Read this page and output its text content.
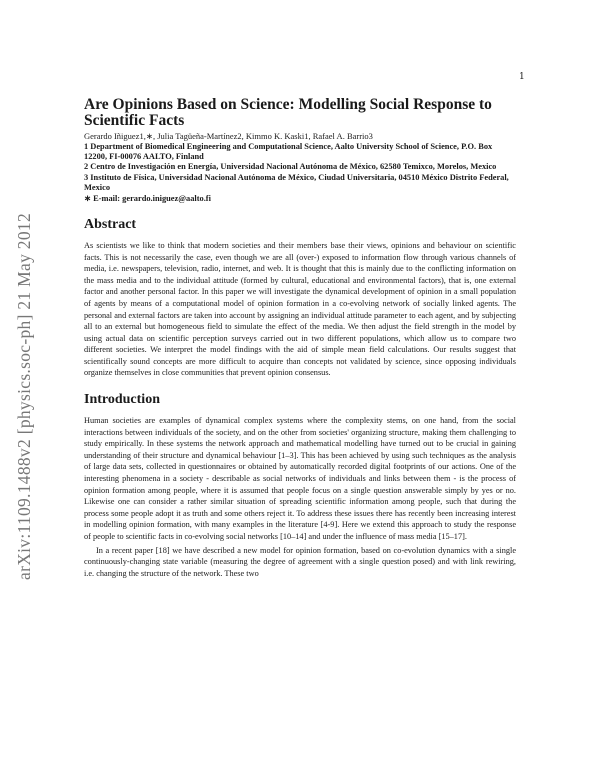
1
arXiv:1109.1488v2 [physics.soc-ph] 21 May 2012
Are Opinions Based on Science: Modelling Social Response to Scientific Facts
Gerardo Iñiguez1,∗, Julia Tagüeña-Martínez2, Kimmo K. Kaski1, Rafael A. Barrio3
1 Department of Biomedical Engineering and Computational Science, Aalto University School of Science, P.O. Box 12200, FI-00076 AALTO, Finland
2 Centro de Investigación en Energía, Universidad Nacional Autónoma de México, 62580 Temixco, Morelos, Mexico
3 Instituto de Física, Universidad Nacional Autónoma de México, Ciudad Universitaria, 04510 México Distrito Federal, Mexico
∗ E-mail: gerardo.iniguez@aalto.fi
Abstract

As scientists we like to think that modern societies and their members base their views, opinions and behaviour on scientific facts. This is not necessarily the case, even though we are all (over-) exposed to information flow through various channels of media, i.e. newspapers, television, radio, internet, and web. It is thought that this is mainly due to the conflicting information on the mass media and to the individual attitude (formed by cultural, educational and environmental factors), that is, one external factor and another personal factor. In this paper we will investigate the dynamical development of opinion in a small population of agents by means of a computational model of opinion formation in a co-evolving network of socially linked agents. The personal and external factors are taken into account by assigning an individual attitude parameter to each agent, and by subjecting all to an external but homogeneous field to simulate the effect of the media. We then adjust the field strength in the model by using actual data on scientific perception surveys carried out in two different populations, which allow us to compare two different societies. We interpret the model findings with the aid of simple mean field calculations. Our results suggest that scientifically sound concepts are more difficult to acquire than concepts not validated by science, since opposing individuals organize themselves in close communities that prevent opinion consensus.

Introduction

Human societies are examples of dynamical complex systems where the complexity stems, on one hand, from the social interactions between individuals of the society, and on the other from societies' organizing structure, making them challenging to study empirically. In these systems the network approach and mathematical modelling have turned out to be crucial in gaining understanding of their structure and dynamical behaviour [1–3]. This has been achieved by using such techniques as the analysis of large data sets, collected in questionnaires or obtained by automatically recorded digital footprints of our actions. One of the interesting phenomena in a society - describable as social networks of individuals and links between them - is the process of opinion formation among people, where it is assumed that people focus on a single question answerable simply by yes or no. Likewise one can consider a rather similar situation of spreading scientific information among people, such that during the process some people adopt it as truth and some others reject it. To address these issues there has recently been increasing interest in modelling opinion formation, with many examples in the literature [4-9]. Here we extend this approach to study the response of people to scientific facts in co-evolving social networks [10–14] and under the influence of mass media [15–17].

In a recent paper [18] we have described a new model for opinion formation, based on co-evolution dynamics with a single continuously-changing state variable (measuring the degree of agreement with a single question posed) and with link rewiring, i.e. changing the structure of the network. These two
